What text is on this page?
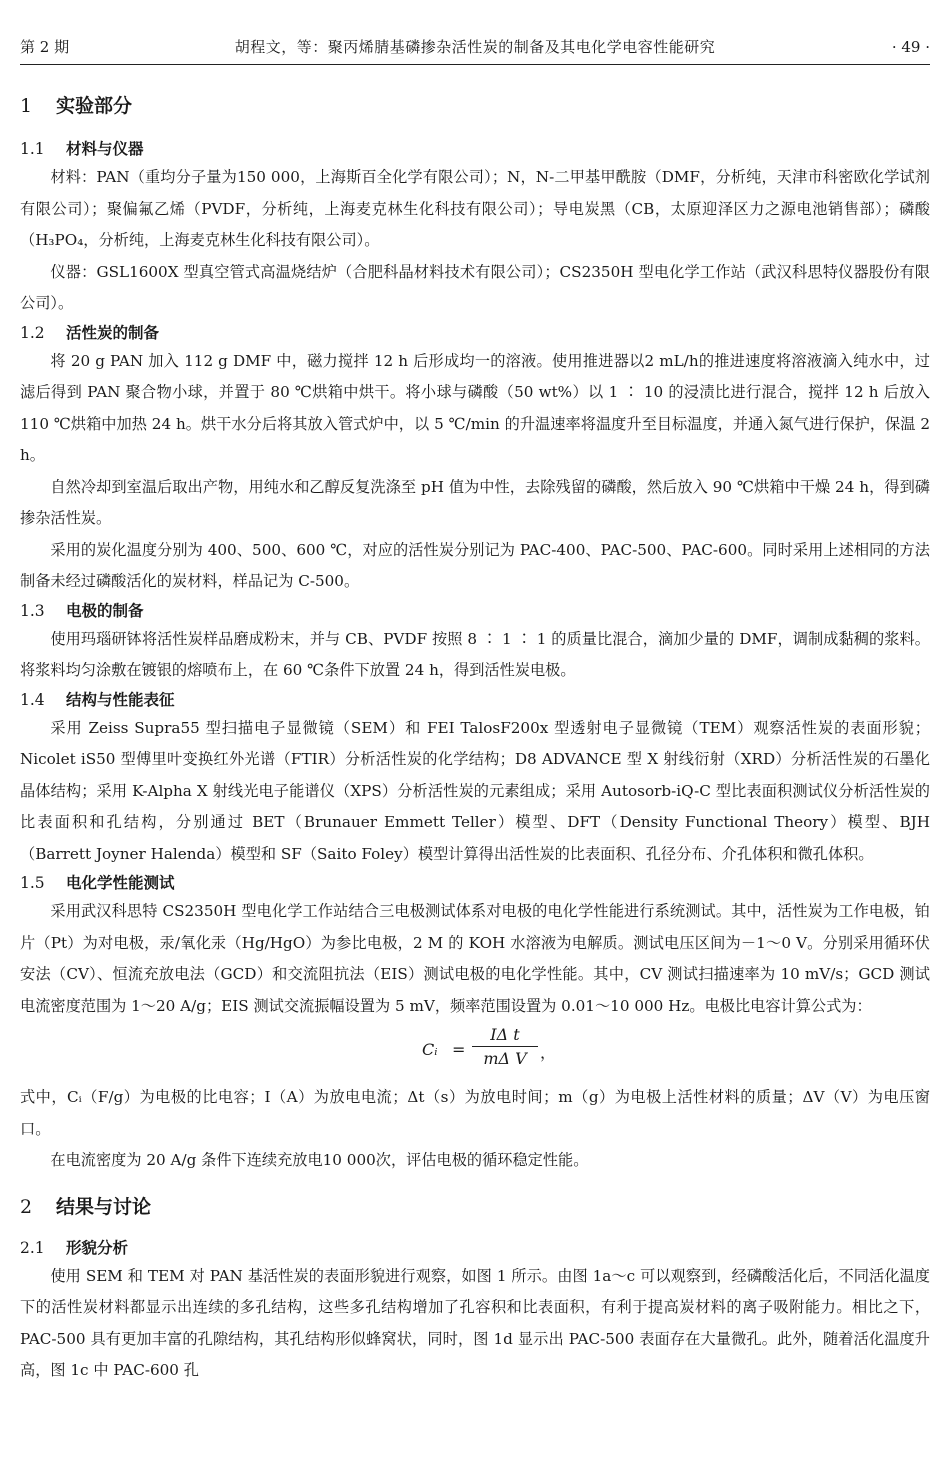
第 2 期	胡程文，等：聚丙烯腈基磷掺杂活性炭的制备及其电化学电容性能研究	· 49 ·
1 实验部分
1.1 材料与仪器

材料：PAN（重均分子量为150 000，上海斯百全化学有限公司）；N，N-二甲基甲酰胺（DMF，分析纯，天津市科密欧化学试剂有限公司）；聚偏氟乙烯（PVDF，分析纯，上海麦克林生化科技有限公司）；导电炭黑（CB，太原迎泽区力之源电池销售部）；磷酸（H₃PO₄，分析纯，上海麦克林生化科技有限公司）。

仪器：GSL1600X 型真空管式高温烧结炉（合肥科晶材料技术有限公司）；CS2350H 型电化学工作站（武汉科思特仪器股份有限公司）。

1.2 活性炭的制备

将 20 g PAN 加入 112 g DMF 中，磁力搅拌 12 h 后形成均一的溶液。使用推进器以2 mL/h的推进速度将溶液滴入纯水中，过滤后得到 PAN 聚合物小球，并置于 80 ℃烘箱中烘干。将小球与磷酸（50 wt%）以 1 ∶ 10 的浸渍比进行混合，搅拌 12 h 后放入 110 ℃烘箱中加热 24 h。烘干水分后将其放入管式炉中，以 5 ℃/min 的升温速率将温度升至目标温度，并通入氮气进行保护，保温 2 h。

自然冷却到室温后取出产物，用纯水和乙醇反复洗涤至 pH 值为中性，去除残留的磷酸，然后放入 90 ℃烘箱中干燥 24 h，得到磷掺杂活性炭。

采用的炭化温度分别为 400、500、600 ℃，对应的活性炭分别记为 PAC-400、PAC-500、PAC-600。同时采用上述相同的方法制备未经过磷酸活化的炭材料，样品记为 C-500。

1.3 电极的制备

使用玛瑙研钵将活性炭样品磨成粉末，并与 CB、PVDF 按照 8 ∶ 1 ∶ 1 的质量比混合，滴加少量的 DMF，调制成黏稠的浆料。将浆料均匀涂敷在镀银的熔喷布上，在 60 ℃条件下放置 24 h，得到活性炭电极。

1.4 结构与性能表征

采用 Zeiss Supra55 型扫描电子显微镜（SEM）和 FEI TalosF200x 型透射电子显微镜（TEM）观察活性炭的表面形貌；Nicolet iS50 型傅里叶变换红外光谱（FTIR）分析活性炭的化学结构；D8 ADVANCE 型 X 射线衍射（XRD）分析活性炭的石墨化晶体结构；采用 K-Alpha X 射线光电子能谱仪（XPS）分析活性炭的元素组成；采用 Autosorb-iQ-C 型比表面积测试仪分析活性炭的比表面积和孔结构，分别通过 BET（Brunauer Emmett Teller）模型、DFT（Density Functional Theory）模型、BJH（Barrett Joyner Halenda）模型和 SF（Saito Foley）模型计算得出活性炭的比表面积、孔径分布、介孔体积和微孔体积。

1.5 电化学性能测试

采用武汉科思特 CS2350H 型电化学工作站结合三电极测试体系对电极的电化学性能进行系统测试。其中，活性炭为工作电极，铂片（Pt）为对电极，汞/氧化汞（Hg/HgO）为参比电极，2 M 的 KOH 水溶液为电解质。测试电压区间为－1～0 V。分别采用循环伏安法（CV）、恒流充放电法（GCD）和交流阻抗法（EIS）测试电极的电化学性能。其中，CV 测试扫描速率为 10 mV/s；GCD 测试电流密度范围为 1～20 A/g；EIS 测试交流振幅设置为 5 mV，频率范围设置为 0.01～10 000 Hz。电极比电容计算公式为：

Cᵢ = $\frac{\text{IΔ t}}{\text{mΔ V}}$ ，

式中，Cᵢ（F/g）为电极的比电容；I（A）为放电电流；Δt（s）为放电时间；m（g）为电极上活性材料的质量；ΔV（V）为电压窗口。

在电流密度为 20 A/g 条件下连续充放电10 000次，评估电极的循环稳定性能。

2 结果与讨论
2.1 形貌分析

使用 SEM 和 TEM 对 PAN 基活性炭的表面形貌进行观察，如图 1 所示。由图 1a～c 可以观察到，经磷酸活化后，不同活化温度下的活性炭材料都显示出连续的多孔结构，这些多孔结构增加了孔容积和比表面积，有利于提高炭材料的离子吸附能力。相比之下，PAC-500 具有更加丰富的孔隙结构，其孔结构形似蜂窝状，同时，图 1d 显示出 PAC-500 表面存在大量微孔。此外，随着活化温度升高，图 1c 中 PAC-600 孔
